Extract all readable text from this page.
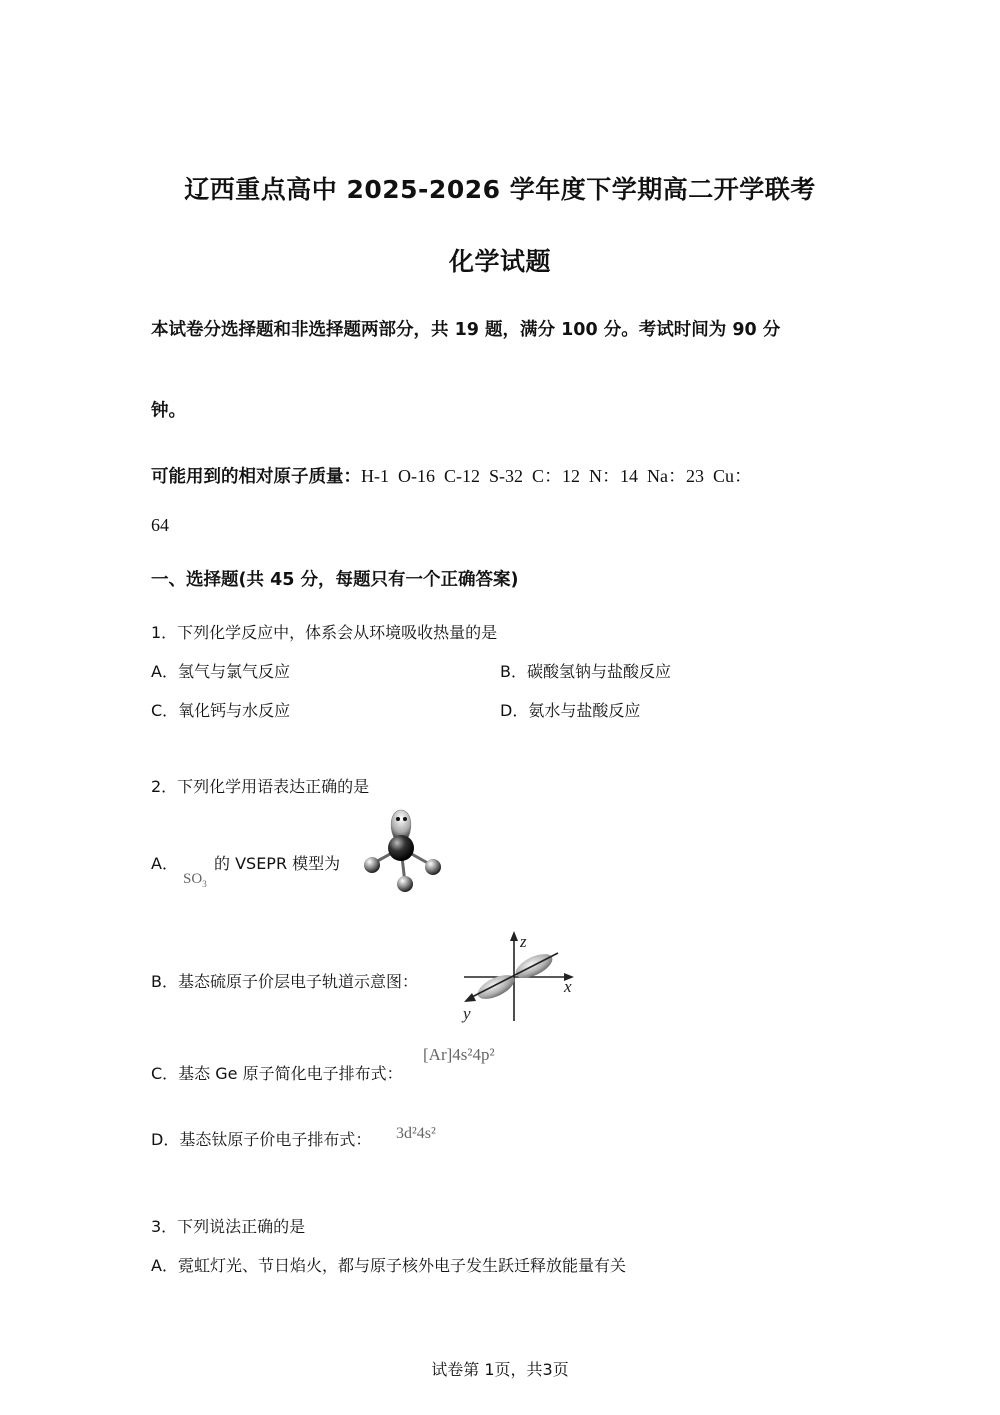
辽西重点高中 2025-2026 学年度下学期高二开学联考
化学试题
本试卷分选择题和非选择题两部分，共 19 题，满分 100 分。考试时间为 90 分
钟。
可能用到的相对原子质量：H-1  O-16  C-12  S-32  C：12  N：14  Na：23  Cu：
64
一、选择题(共 45 分，每题只有一个正确答案)
1．下列化学反应中，体系会从环境吸收热量的是
A．氢气与氯气反应	B．碳酸氢钠与盐酸反应
C．氧化钙与水反应	D．氨水与盐酸反应
2．下列化学用语表达正确的是
A．
$SO_3$
的 VSEPR 模型为
B．基态硫原子价层电子轨道示意图：
z
x
y
C．基态 Ge 原子简化电子排布式：
[Ar]4s²4p²
D．基态钛原子价电子排布式： 3d²4s²
3．下列说法正确的是
A．霓虹灯光、节日焰火，都与原子核外电子发生跃迁释放能量有关
试卷第 1页，共3页
